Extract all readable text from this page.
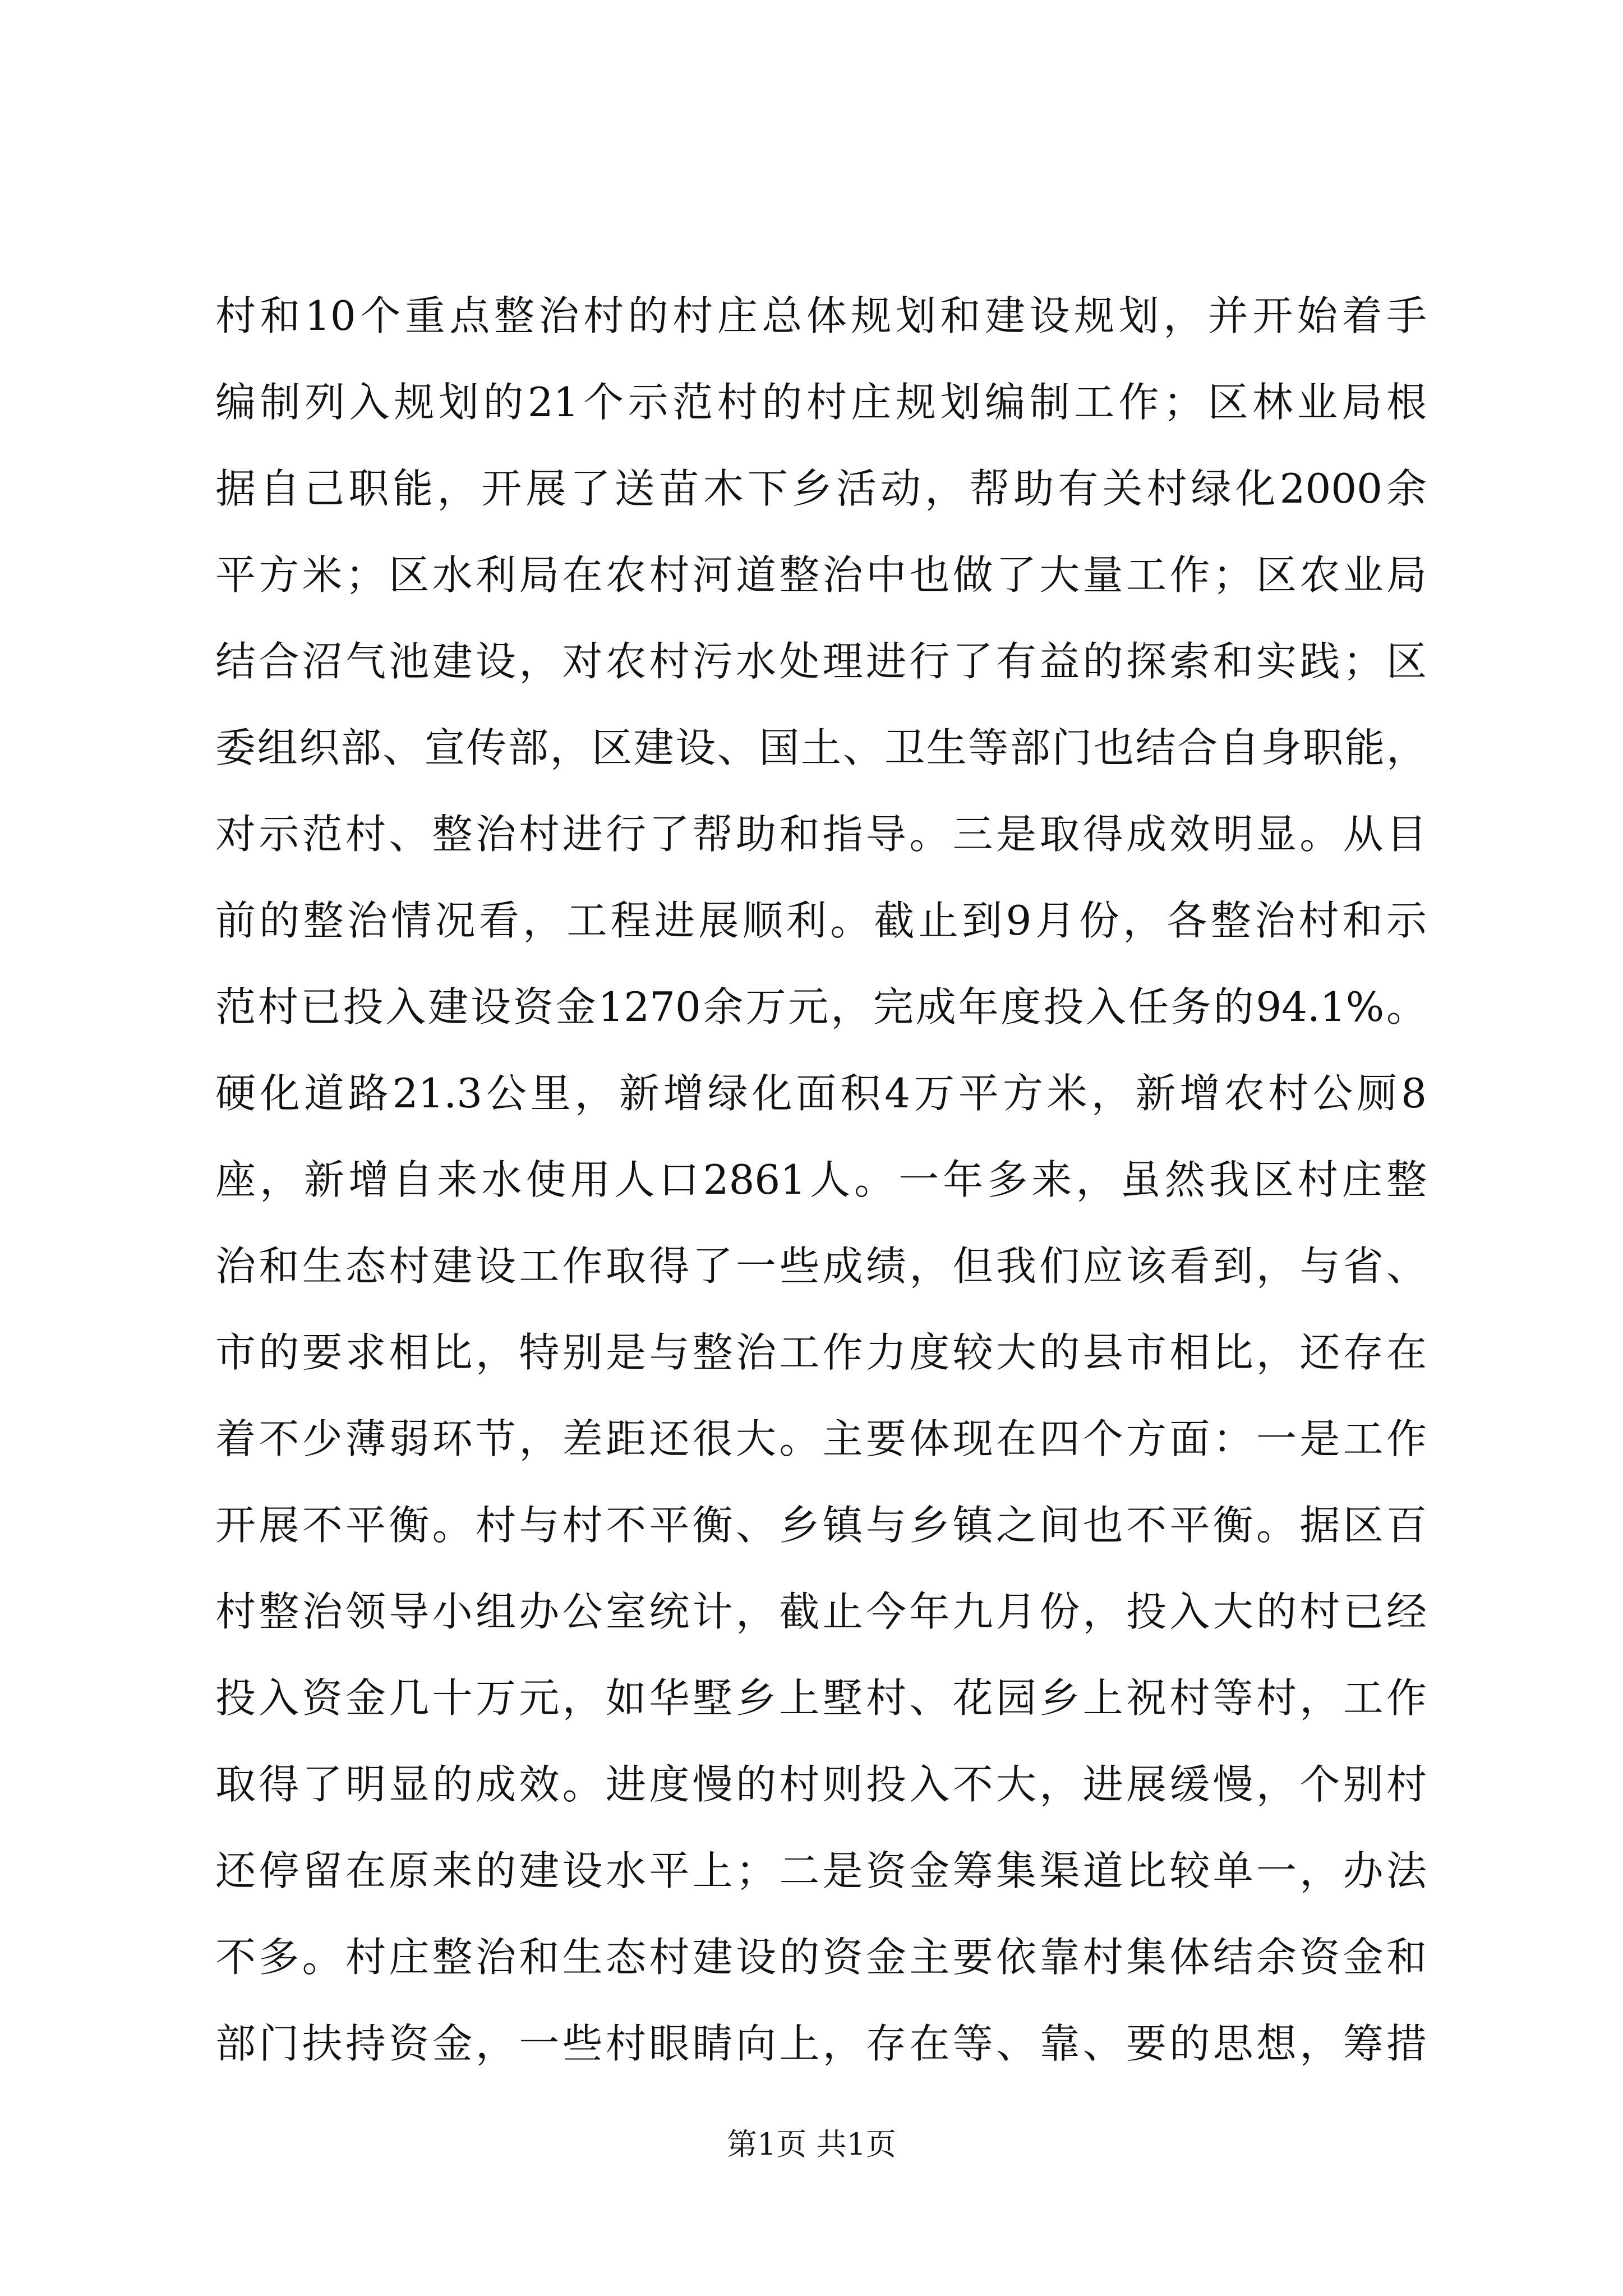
村和10个重点整治村的村庄总体规划和建设规划，并开始着手
编制列入规划的21个示范村的村庄规划编制工作；区林业局根
据自己职能，开展了送苗木下乡活动，帮助有关村绿化2000余
平方米；区水利局在农村河道整治中也做了大量工作；区农业局
结合沼气池建设，对农村污水处理进行了有益的探索和实践；区
委组织部、宣传部，区建设、国土、卫生等部门也结合自身职能，
对示范村、整治村进行了帮助和指导。三是取得成效明显。从目
前的整治情况看，工程进展顺利。截止到9月份，各整治村和示
范村已投入建设资金1270余万元，完成年度投入任务的94.1%。
硬化道路21.3公里，新增绿化面积4万平方米，新增农村公厕8
座，新增自来水使用人口2861人。一年多来，虽然我区村庄整
治和生态村建设工作取得了一些成绩，但我们应该看到，与省、
市的要求相比，特别是与整治工作力度较大的县市相比，还存在
着不少薄弱环节，差距还很大。主要体现在四个方面：一是工作
开展不平衡。村与村不平衡、乡镇与乡镇之间也不平衡。据区百
村整治领导小组办公室统计，截止今年九月份，投入大的村已经
投入资金几十万元，如华墅乡上墅村、花园乡上祝村等村，工作
取得了明显的成效。进度慢的村则投入不大，进展缓慢，个别村
还停留在原来的建设水平上；二是资金筹集渠道比较单一，办法
不多。村庄整治和生态村建设的资金主要依靠村集体结余资金和
部门扶持资金，一些村眼睛向上，存在等、靠、要的思想，筹措
第1页 共1页
